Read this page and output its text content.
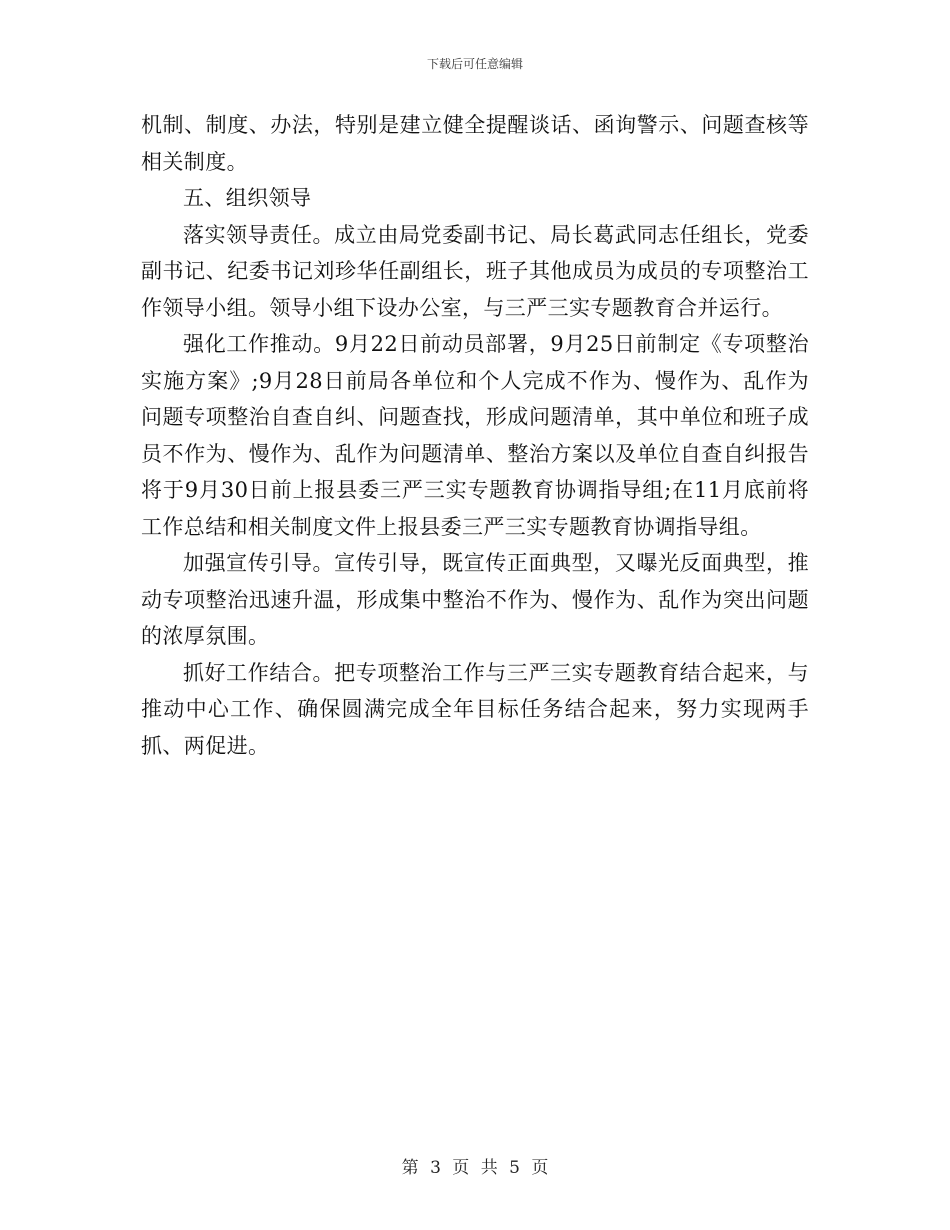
下载后可任意编辑

机制、制度、办法，特别是建立健全提醒谈话、函询警示、问题查核等相关制度。

五、组织领导

落实领导责任。成立由局党委副书记、局长葛武同志任组长，党委副书记、纪委书记刘珍华任副组长，班子其他成员为成员的专项整治工作领导小组。领导小组下设办公室，与三严三实专题教育合并运行。

强化工作推动。9月22日前动员部署，9月25日前制定《专项整治实施方案》;9月28日前局各单位和个人完成不作为、慢作为、乱作为问题专项整治自查自纠、问题查找，形成问题清单，其中单位和班子成员不作为、慢作为、乱作为问题清单、整治方案以及单位自查自纠报告将于9月30日前上报县委三严三实专题教育协调指导组;在11月底前将工作总结和相关制度文件上报县委三严三实专题教育协调指导组。

加强宣传引导。宣传引导，既宣传正面典型，又曝光反面典型，推动专项整治迅速升温，形成集中整治不作为、慢作为、乱作为突出问题的浓厚氛围。

抓好工作结合。把专项整治工作与三严三实专题教育结合起来，与推动中心工作、确保圆满完成全年目标任务结合起来，努力实现两手抓、两促进。

第 3 页 共 5 页
